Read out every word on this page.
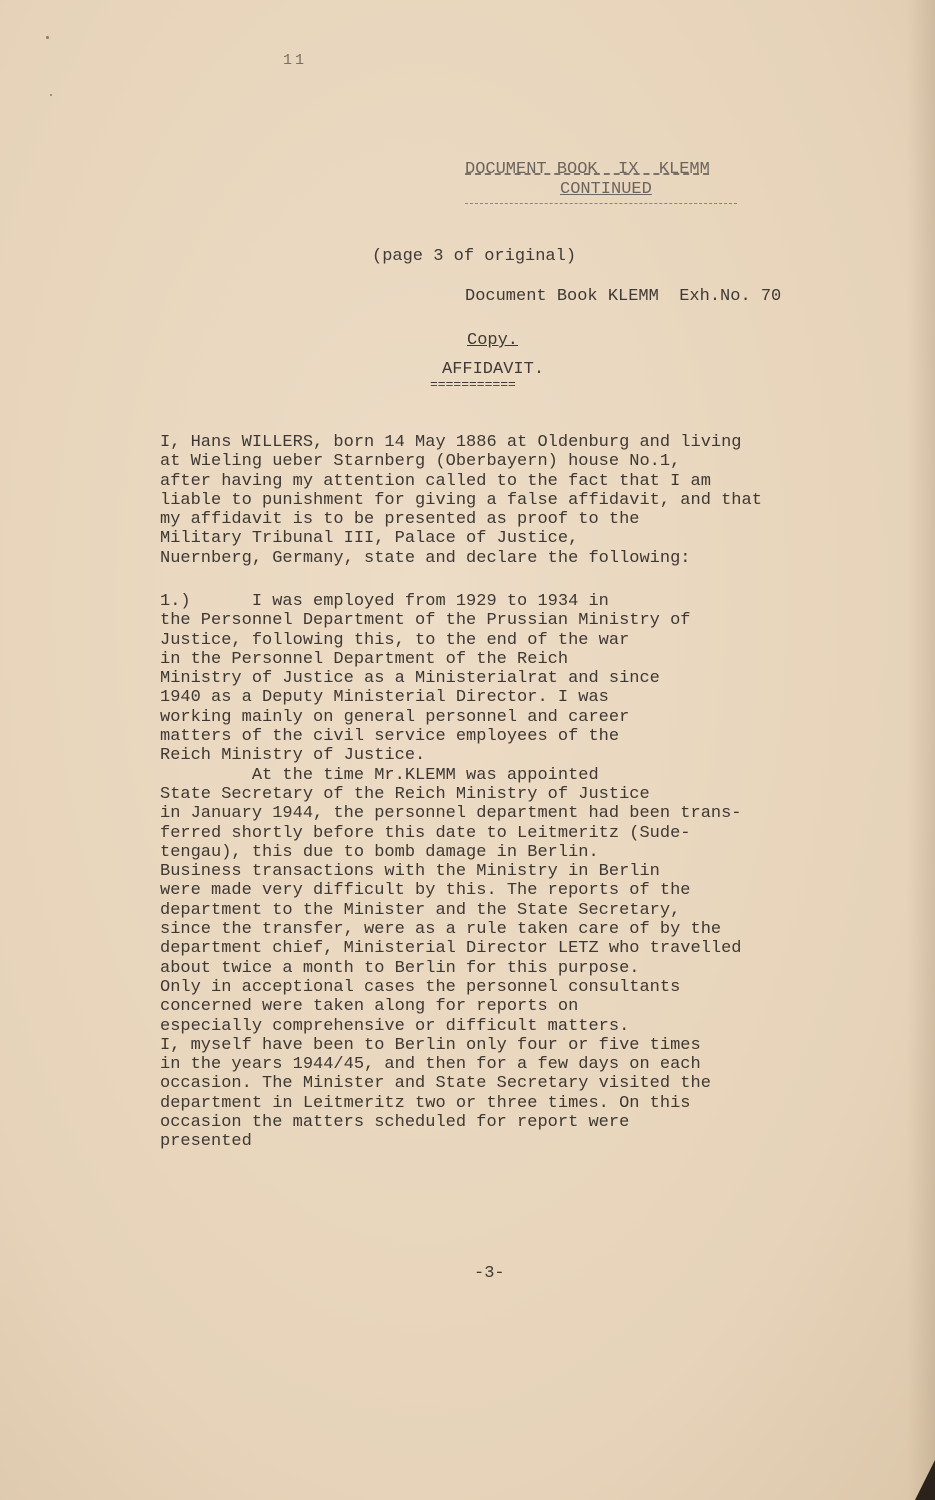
11
DOCUMENT BOOK  IX  KLEMM
CONTINUED
(page 3 of original)
Document Book KLEMM  Exh.No. 70
Copy.
AFFIDAVIT.
===========
I, Hans WILLERS, born 14 May 1886 at Oldenburg and living
at Wieling ueber Starnberg (Oberbayern) house No.1,
after having my attention called to the fact that I am
liable to punishment for giving a false affidavit, and that
my affidavit is to be presented as proof to the
Military Tribunal III, Palace of Justice,
Nuernberg, Germany, state and declare the following:
1.)      I was employed from 1929 to 1934 in
the Personnel Department of the Prussian Ministry of
Justice, following this, to the end of the war
in the Personnel Department of the Reich
Ministry of Justice as a Ministerialrat and since
1940 as a Deputy Ministerial Director. I was
working mainly on general personnel and career
matters of the civil service employees of the
Reich Ministry of Justice.
At the time Mr.KLEMM was appointed
State Secretary of the Reich Ministry of Justice
in January 1944, the personnel department had been trans-
ferred shortly before this date to Leitmeritz (Sude-
tengau), this due to bomb damage in Berlin.
Business transactions with the Ministry in Berlin
were made very difficult by this. The reports of the
department to the Minister and the State Secretary,
since the transfer, were as a rule taken care of by the
department chief, Ministerial Director LETZ who travelled
about twice a month to Berlin for this purpose.
Only in acceptional cases the personnel consultants
concerned were taken along for reports on
especially comprehensive or difficult matters.
I, myself have been to Berlin only four or five times
in the years 1944/45, and then for a few days on each
occasion. The Minister and State Secretary visited the
department in Leitmeritz two or three times. On this
occasion the matters scheduled for report were
presented
-3-
